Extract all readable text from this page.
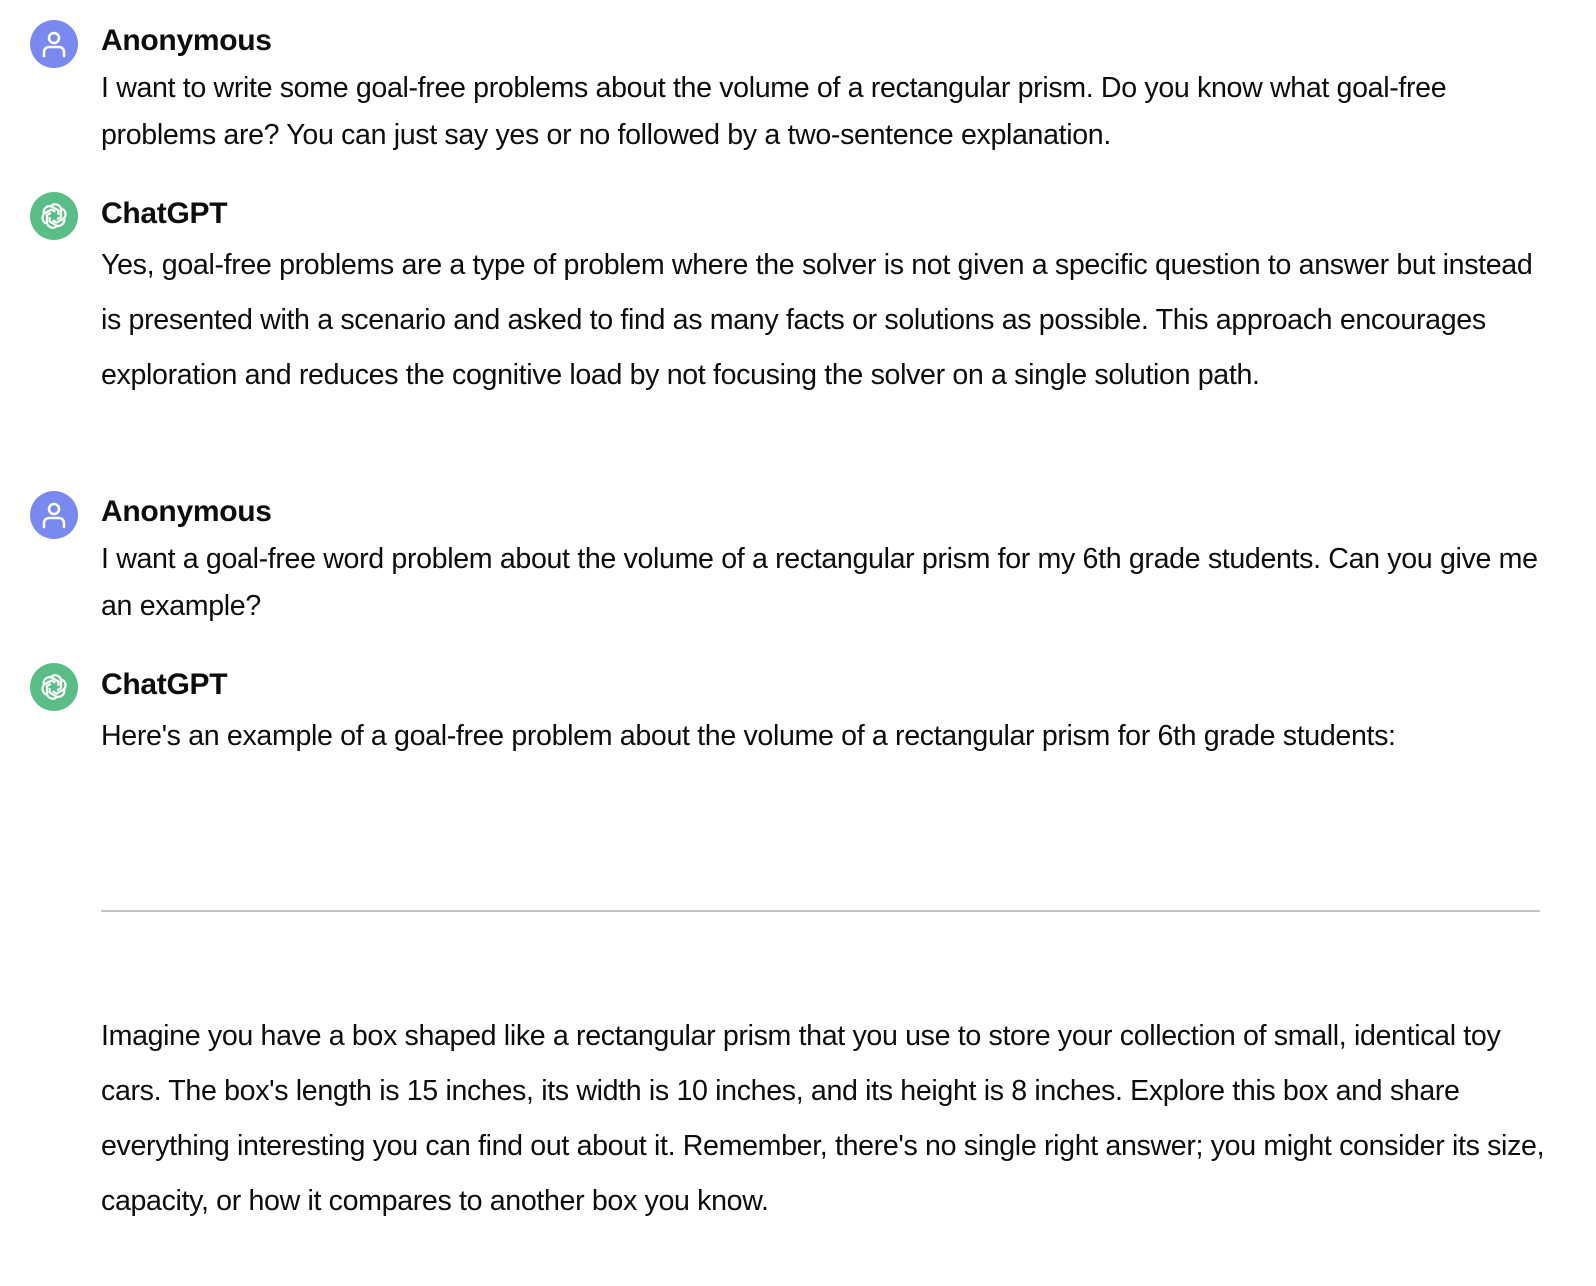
Anonymous

I want to write some goal-free problems about the volume of a rectangular prism. Do you know what goal-free problems are? You can just say yes or no followed by a two-sentence explanation.

ChatGPT

Yes, goal-free problems are a type of problem where the solver is not given a specific question to answer but instead is presented with a scenario and asked to find as many facts or solutions as possible. This approach encourages exploration and reduces the cognitive load by not focusing the solver on a single solution path.

Anonymous

I want a goal-free word problem about the volume of a rectangular prism for my 6th grade students. Can you give me an example?

ChatGPT

Here's an example of a goal-free problem about the volume of a rectangular prism for 6th grade students:

Imagine you have a box shaped like a rectangular prism that you use to store your collection of small, identical toy cars. The box's length is 15 inches, its width is 10 inches, and its height is 8 inches. Explore this box and share everything interesting you can find out about it. Remember, there's no single right answer; you might consider its size, capacity, or how it compares to another box you know.
